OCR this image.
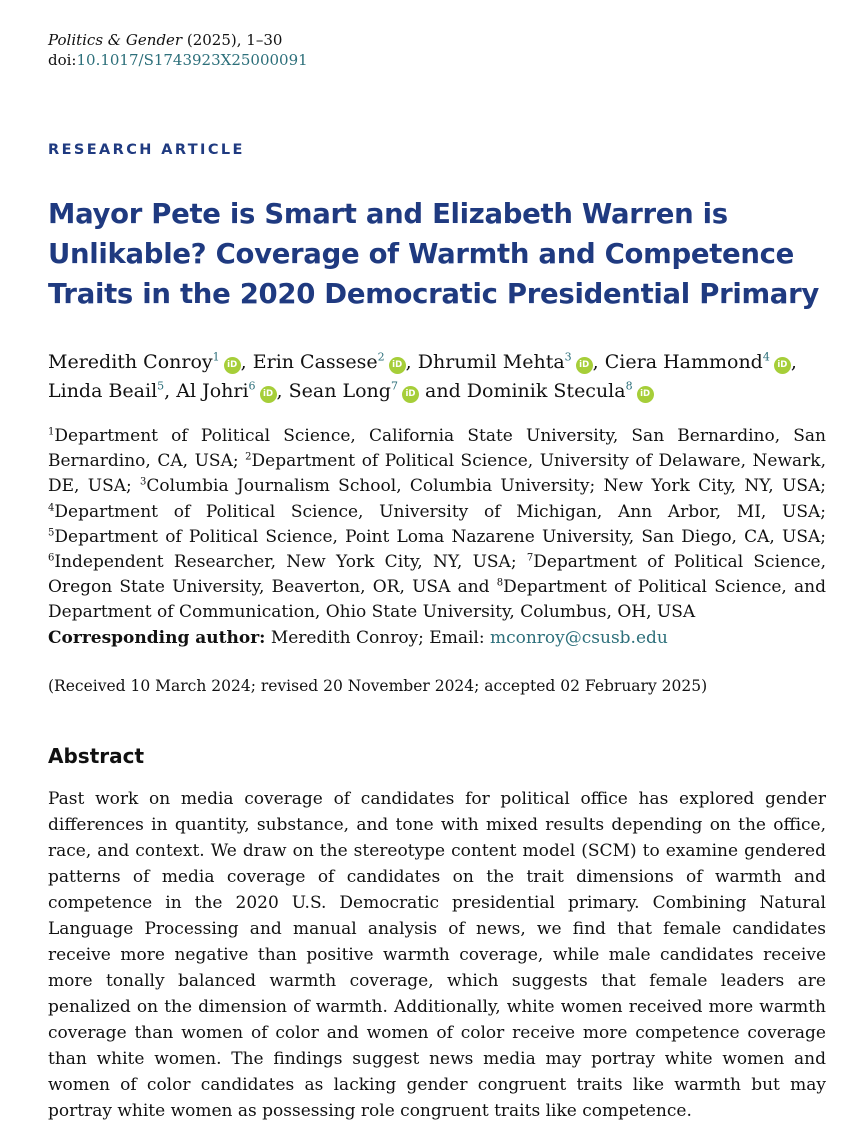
Politics & Gender (2025), 1–30
doi:10.1017/S1743923X25000091
RESEARCH ARTICLE
Mayor Pete is Smart and Elizabeth Warren is Unlikable? Coverage of Warmth and Competence Traits in the 2020 Democratic Presidential Primary
Meredith Conroy$^1$iD , Erin Cassese$^2$iD , Dhrumil Mehta$^3$iD , Ciera Hammond$^4$iD ,
Linda Beail$^5$, Al Johri$^6$iD , Sean Long$^7$iD and Dominik Stecula$^8$iD
$^1$Department of Political Science, California State University, San Bernardino, San Bernardino, CA, USA; $^2$Department of Political Science, University of Delaware, Newark, DE, USA; $^3$Columbia Journalism School, Columbia University; New York City, NY, USA; $^4$Department of Political Science, University of Michigan, Ann Arbor, MI, USA; $^5$Department of Political Science, Point Loma Nazarene University, San Diego, CA, USA; $^6$Independent Researcher, New York City, NY, USA; $^7$Department of Political Science, Oregon State University, Beaverton, OR, USA and $^8$Department of Political Science, and Department of Communication, Ohio State University, Columbus, OH, USA
Corresponding author: Meredith Conroy; Email: mconroy@csusb.edu
(Received 10 March 2024; revised 20 November 2024; accepted 02 February 2025)
Abstract
Past work on media coverage of candidates for political office has explored gender differences in quantity, substance, and tone with mixed results depending on the office, race, and context. We draw on the stereotype content model (SCM) to examine gendered patterns of media coverage of candidates on the trait dimensions of warmth and competence in the 2020 U.S. Democratic presidential primary. Combining Natural Language Processing and manual analysis of news, we find that female candidates receive more negative than positive warmth coverage, while male candidates receive more tonally balanced warmth coverage, which suggests that female leaders are penalized on the dimension of warmth. Additionally, white women received more warmth coverage than women of color and women of color receive more competence coverage than white women. The findings suggest news media may portray white women and women of color candidates as lacking gender congruent traits like warmth but may portray white women as possessing role congruent traits like competence.
